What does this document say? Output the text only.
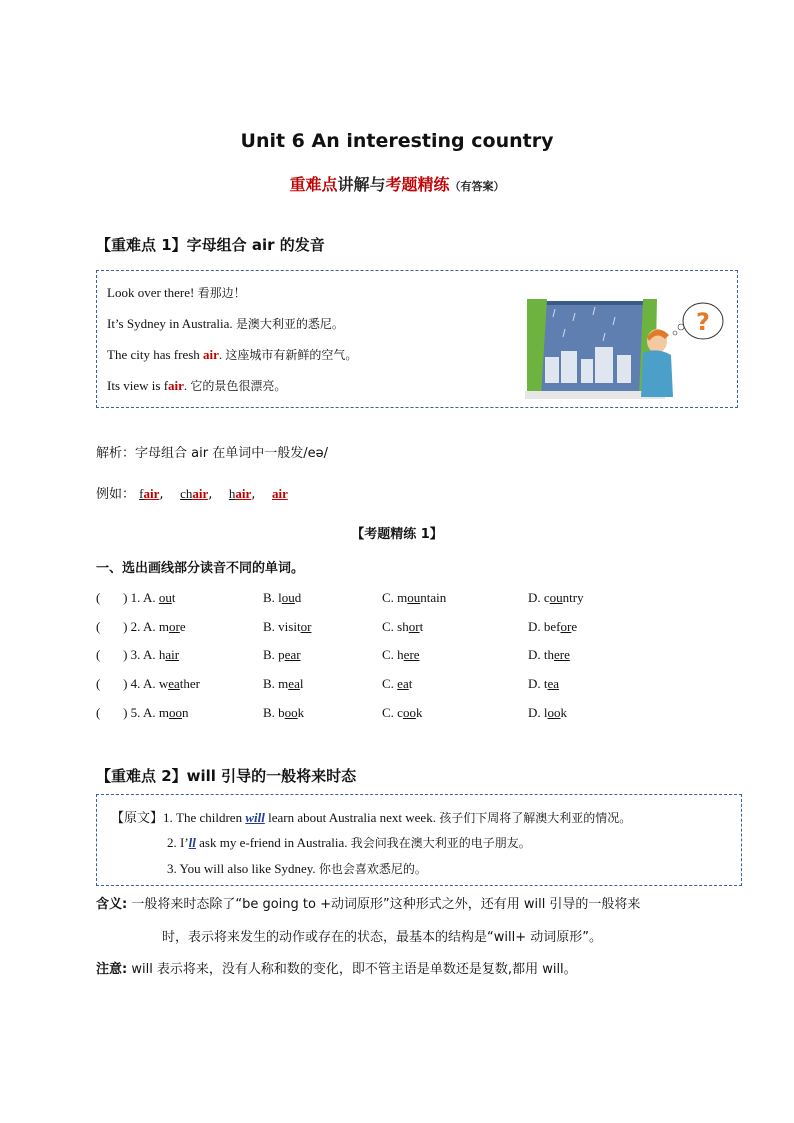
Unit 6 An interesting country
重难点讲解与考题精练（有答案）
【重难点 1】字母组合 air 的发音
Look over there! 看那边！
It’s Sydney in Australia. 是澳大利亚的悉尼。
The city has fresh air. 这座城市有新鲜的空气。
Its view is fair. 它的景色很漂亮。
?
解析：字母组合 air 在单词中一般发/eə/
例如： fair,    chair,    hair,    air
【考题精练 1】
一、选出画线部分读音不同的单词。
(       ) 1. A. out	B. loud	C. mountain	D. country
(       ) 2. A. more	B. visitor	C. short	D. before
(       ) 3. A. hair	B. pear	C. here	D. there
(       ) 4. A. weather	B. meal	C. eat	D. tea
(       ) 5. A. moon	B. book	C. cook	D. look
【重难点 2】will 引导的一般将来时态
【原文】1. The children will learn about Australia next week. 孩子们下周将了解澳大利亚的情况。
2. I’ll ask my e-friend in Australia. 我会问我在澳大利亚的电子朋友。
3. You will also like Sydney. 你也会喜欢悉尼的。
含义: 一般将来时态除了“be going to +动词原形”这种形式之外，还有用 will 引导的一般将来
时，表示将来发生的动作或存在的状态，最基本的结构是“will+ 动词原形”。
注意: will 表示将来，没有人称和数的变化，即不管主语是单数还是复数,都用 will。
